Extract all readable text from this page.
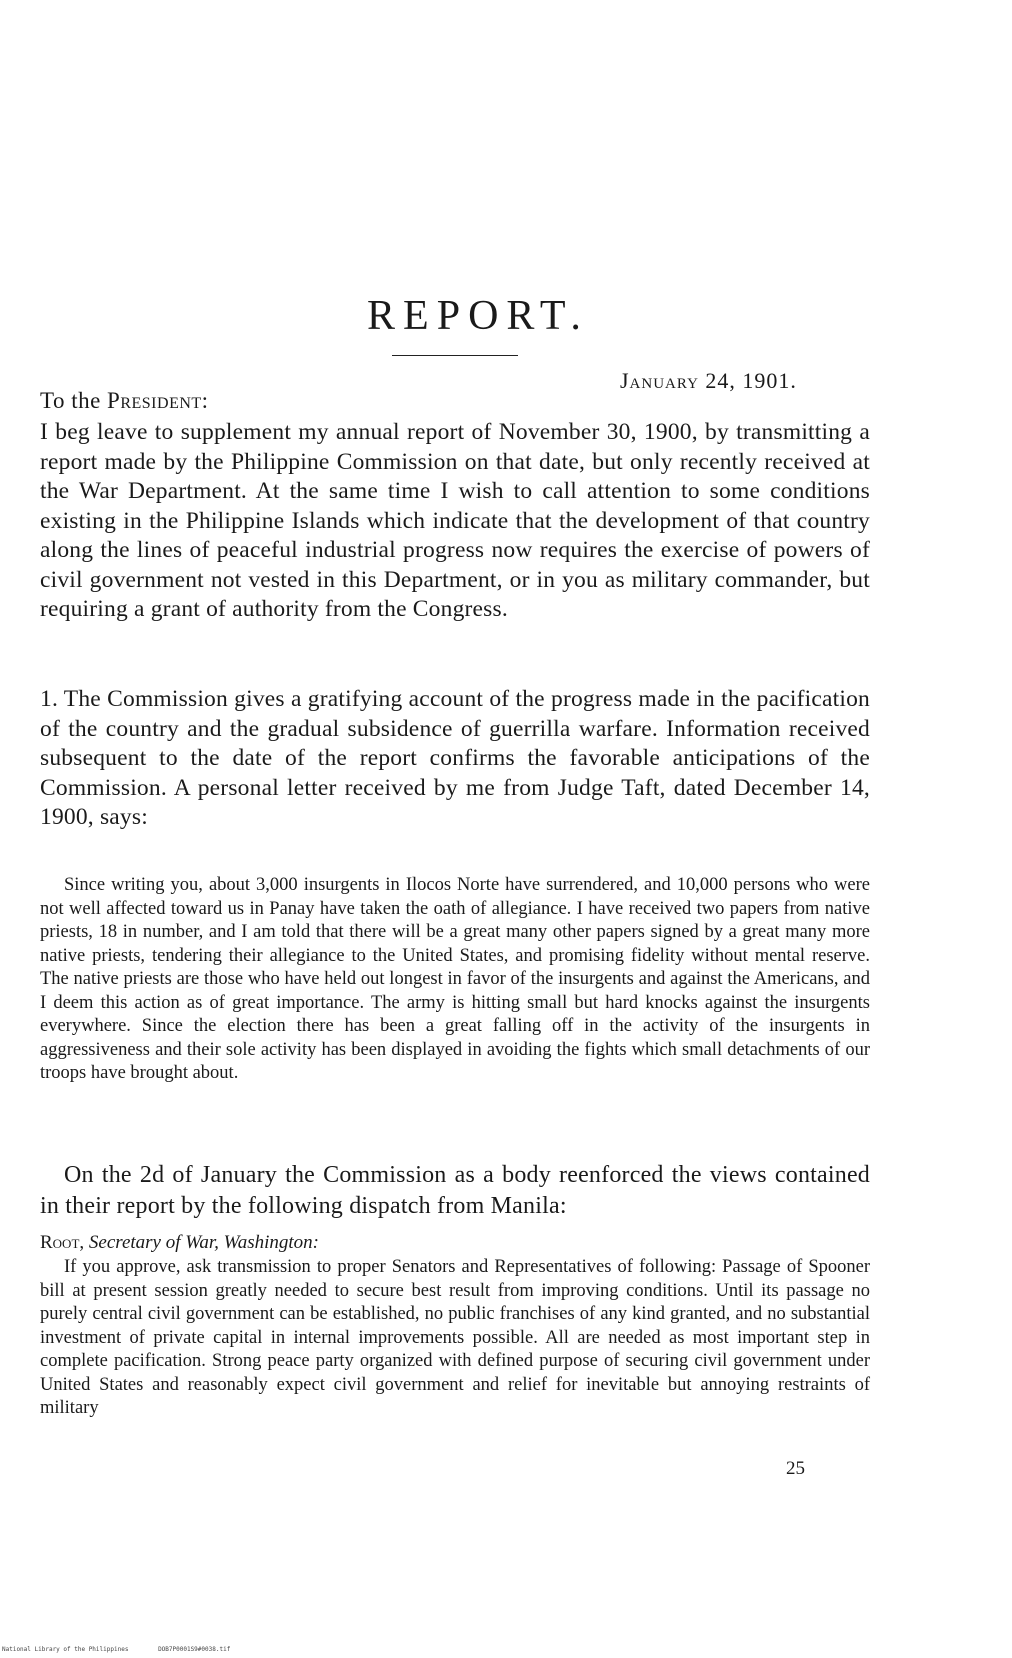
REPORT.
January 24, 1901.
To the President:

I beg leave to supplement my annual report of November 30, 1900, by transmitting a report made by the Philippine Commission on that date, but only recently received at the War Department. At the same time I wish to call attention to some conditions existing in the Philippine Islands which indicate that the development of that country along the lines of peaceful industrial progress now requires the exercise of powers of civil government not vested in this Department, or in you as military commander, but requiring a grant of authority from the Congress.

1. The Commission gives a gratifying account of the progress made in the pacification of the country and the gradual subsidence of guerrilla warfare. Information received subsequent to the date of the report confirms the favorable anticipations of the Commission. A personal letter received by me from Judge Taft, dated December 14, 1900, says:

Since writing you, about 3,000 insurgents in Ilocos Norte have surrendered, and 10,000 persons who were not well affected toward us in Panay have taken the oath of allegiance. I have received two papers from native priests, 18 in number, and I am told that there will be a great many other papers signed by a great many more native priests, tendering their allegiance to the United States, and promising fidelity without mental reserve. The native priests are those who have held out longest in favor of the insurgents and against the Americans, and I deem this action as of great importance. The army is hitting small but hard knocks against the insurgents everywhere. Since the election there has been a great falling off in the activity of the insurgents in aggressiveness and their sole activity has been displayed in avoiding the fights which small detachments of our troops have brought about.

On the 2d of January the Commission as a body reenforced the views contained in their report by the following dispatch from Manila:

Root, Secretary of War, Washington:

If you approve, ask transmission to proper Senators and Representatives of following: Passage of Spooner bill at present session greatly needed to secure best result from improving conditions. Until its passage no purely central civil government can be established, no public franchises of any kind granted, and no substantial investment of private capital in internal improvements possible. All are needed as most important step in complete pacification. Strong peace party organized with defined purpose of securing civil government under United States and reasonably expect civil government and relief for inevitable but annoying restraints of military

25
National Library of the Philippines	DOB7P0001S9#0038.tif
